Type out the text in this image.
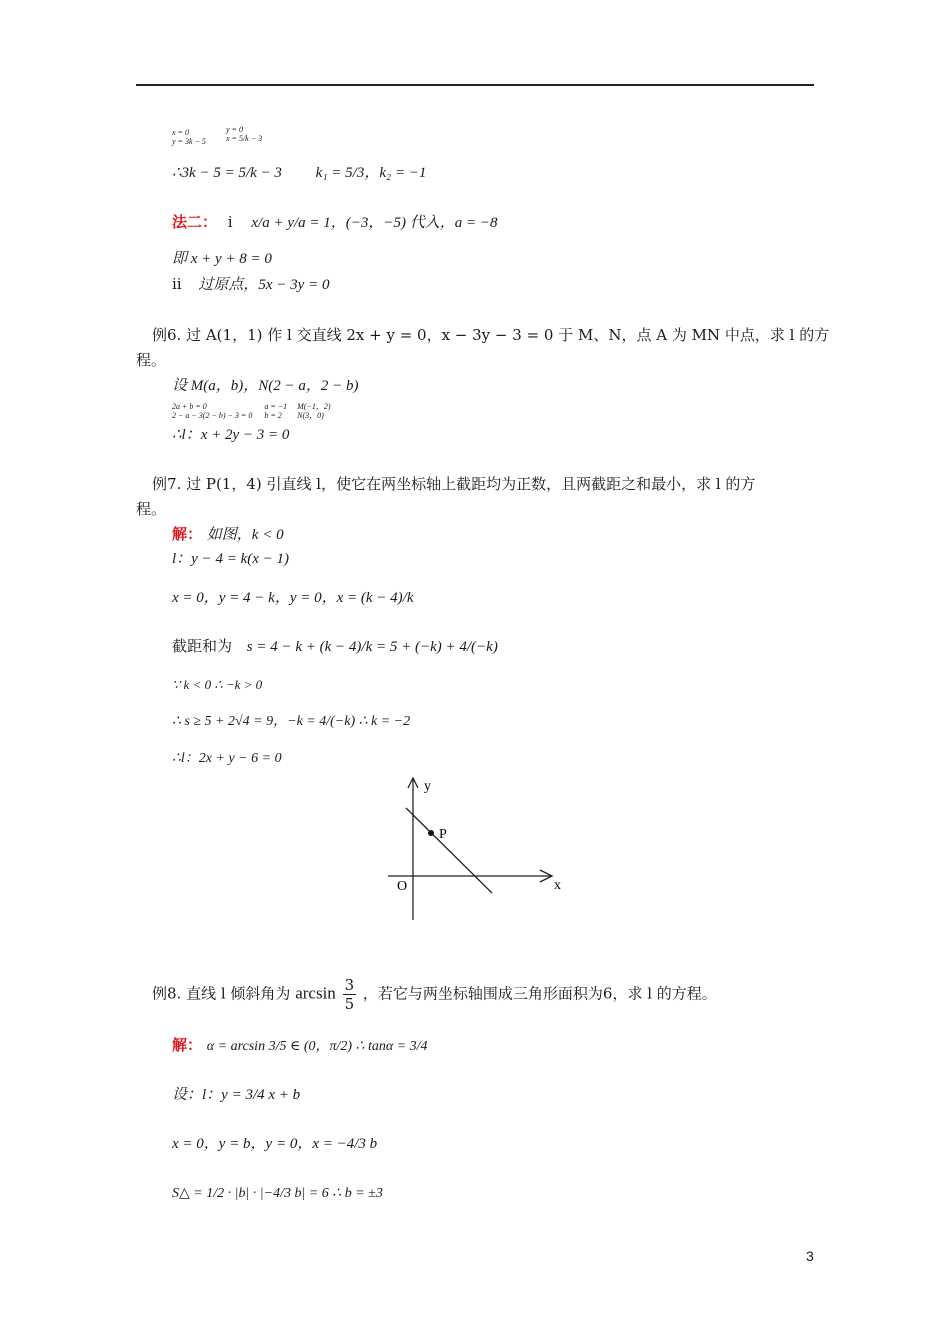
x = 0
y = 3k − 5
y = 0
x = 5/k − 3
∴3k − 5 = 5/k − 3 k₁ = 5/3，k₂ = −1
法二： i x/a + y/a = 1，(−3，−5) 代入，a = −8
即 x + y + 8 = 0
ii 过原点，5x − 3y = 0
例6. 过 A(1，1) 作 l 交直线 2x + y = 0，x − 3y − 3 = 0 于 M、N，点 A 为 MN 中点，求 l 的方
程。
设 M(a，b)，N(2 − a，2 − b)
2a + b = 0
2 − a − 3(2 − b) − 3 = 0

a = −1
b = 2

M(−1，2)
N(3，0)
∴l：x + 2y − 3 = 0
例7. 过 P(1，4) 引直线 l，使它在两坐标轴上截距均为正数，且两截距之和最小，求 l 的方
程。
解： 如图，k < 0
l：y − 4 = k(x − 1)
x = 0，y = 4 − k，y = 0，x = (k − 4)/k
截距和为 s = 4 − k + (k − 4)/k = 5 + (−k) + 4/(−k)
∵ k < 0 ∴ −k > 0
∴ s ≥ 5 + 2√4 = 9，−k = 4/(−k) ∴ k = −2
∴l：2x + y − 6 = 0
y
x
O
P
例8. 直线 l 倾斜角为 $\arcsin \frac{3}{5}$ ，若它与两坐标轴围成三角形面积为6，求 l 的方程。
解： α = arcsin 3/5 ∈ (0，π/2) ∴ tanα = 3/4
设：l：y = 3/4 x + b
x = 0，y = b，y = 0，x = −4/3 b
S△ = 1/2 · |b| · |−4/3 b| = 6 ∴ b = ±3
3
